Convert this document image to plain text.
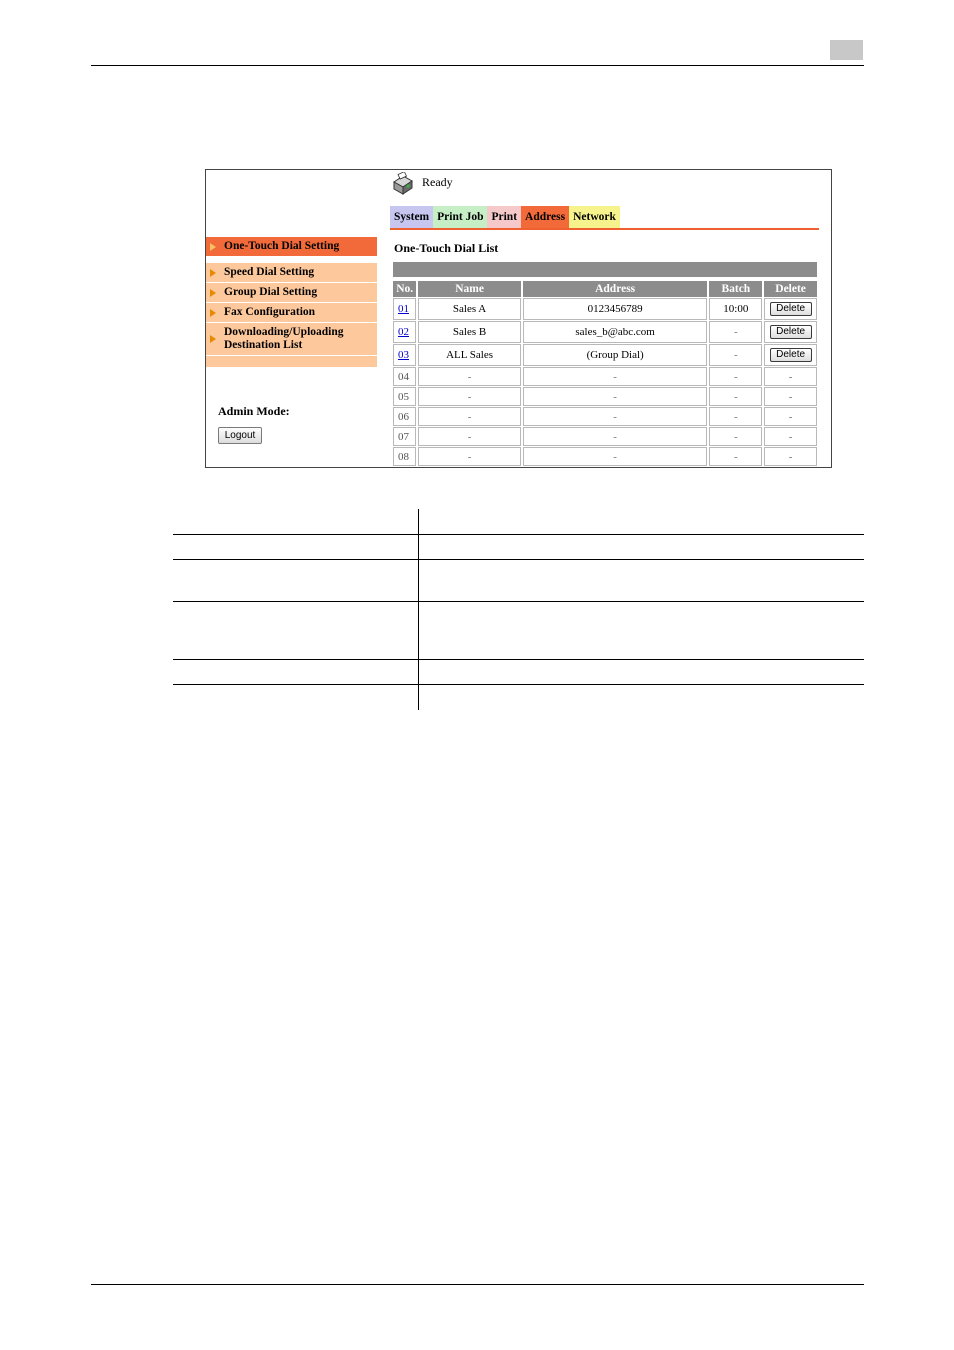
Ready
System Print Job Print Address Network
One-Touch Dial Setting
Speed Dial Setting
Group Dial Setting
Fax Configuration
Downloading/Uploading
Destination List
Admin Mode:
Logout
One-Touch Dial List
No.	Name	Address	Batch	Delete
01	Sales A	0123456789	10:00	Delete
02	Sales B	sales_b@abc.com	-	Delete
03	ALL Sales	(Group Dial)	-	Delete
04	-	-	-	-
05	-	-	-	-
06	-	-	-	-
07	-	-	-	-
08	-	-	-	-
